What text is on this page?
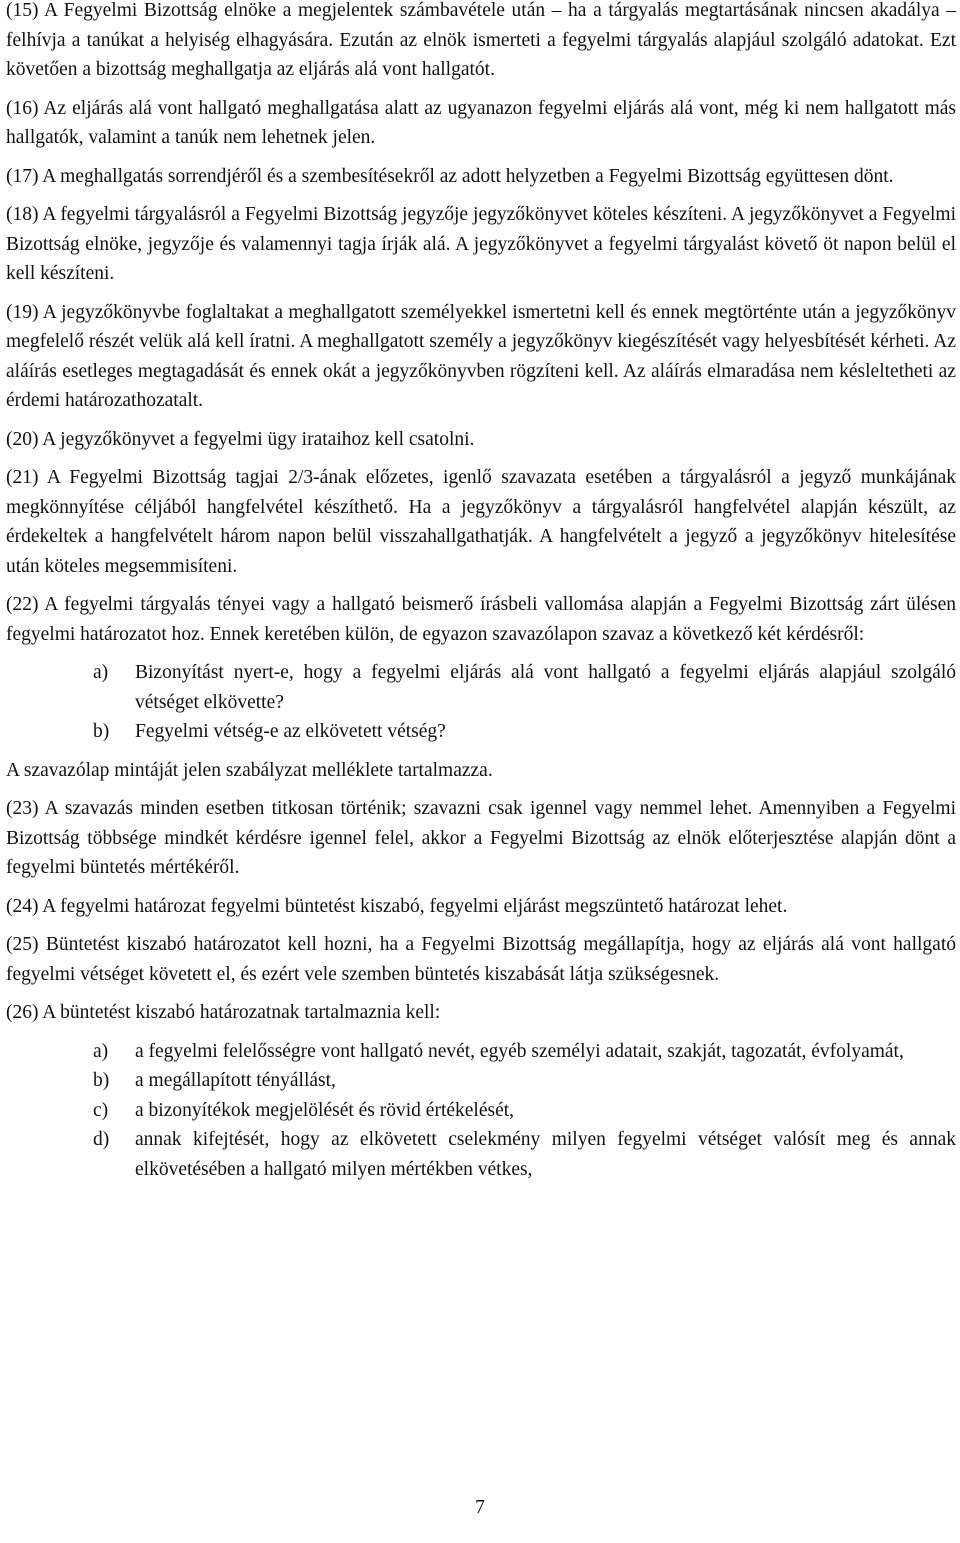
(15) A Fegyelmi Bizottság elnöke a megjelentek számbavétele után – ha a tárgyalás megtartásának nincsen akadálya – felhívja a tanúkat a helyiség elhagyására. Ezután az elnök ismerteti a fegyelmi tárgyalás alapjául szolgáló adatokat. Ezt követően a bizottság meghallgatja az eljárás alá vont hallgatót.

(16) Az eljárás alá vont hallgató meghallgatása alatt az ugyanazon fegyelmi eljárás alá vont, még ki nem hallgatott más hallgatók, valamint a tanúk nem lehetnek jelen.

(17) A meghallgatás sorrendjéről és a szembesítésekről az adott helyzetben a Fegyelmi Bizottság együttesen dönt.

(18) A fegyelmi tárgyalásról a Fegyelmi Bizottság jegyzője jegyzőkönyvet köteles készíteni. A jegyzőkönyvet a Fegyelmi Bizottság elnöke, jegyzője és valamennyi tagja írják alá. A jegyzőkönyvet a fegyelmi tárgyalást követő öt napon belül el kell készíteni.

(19) A jegyzőkönyvbe foglaltakat a meghallgatott személyekkel ismertetni kell és ennek megtörténte után a jegyzőkönyv megfelelő részét velük alá kell íratni. A meghallgatott személy a jegyzőkönyv kiegészítését vagy helyesbítését kérheti. Az aláírás esetleges megtagadását és ennek okát a jegyzőkönyvben rögzíteni kell. Az aláírás elmaradása nem késleltetheti az érdemi határozathozatalt.

(20) A jegyzőkönyvet a fegyelmi ügy irataihoz kell csatolni.

(21) A Fegyelmi Bizottság tagjai 2/3-ának előzetes, igenlő szavazata esetében a tárgyalásról a jegyző munkájának megkönnyítése céljából hangfelvétel készíthető. Ha a jegyzőkönyv a tárgyalásról hangfelvétel alapján készült, az érdekeltek a hangfelvételt három napon belül visszahallgathatják. A hangfelvételt a jegyző a jegyzőkönyv hitelesítése után köteles megsemmisíteni.

(22) A fegyelmi tárgyalás tényei vagy a hallgató beismerő írásbeli vallomása alapján a Fegyelmi Bizottság zárt ülésen fegyelmi határozatot hoz. Ennek keretében külön, de egyazon szavazólapon szavaz a következő két kérdésről:

a)	Bizonyítást nyert-e, hogy a fegyelmi eljárás alá vont hallgató a fegyelmi eljárás alapjául szolgáló vétséget elkövette?
b)	Fegyelmi vétség-e az elkövetett vétség?

A szavazólap mintáját jelen szabályzat melléklete tartalmazza.

(23) A szavazás minden esetben titkosan történik; szavazni csak igennel vagy nemmel lehet. Amennyiben a Fegyelmi Bizottság többsége mindkét kérdésre igennel felel, akkor a Fegyelmi Bizottság az elnök előterjesztése alapján dönt a fegyelmi büntetés mértékéről.

(24) A fegyelmi határozat fegyelmi büntetést kiszabó, fegyelmi eljárást megszüntető határozat lehet.

(25) Büntetést kiszabó határozatot kell hozni, ha a Fegyelmi Bizottság megállapítja, hogy az eljárás alá vont hallgató fegyelmi vétséget követett el, és ezért vele szemben büntetés kiszabását látja szükségesnek.

(26) A büntetést kiszabó határozatnak tartalmaznia kell:

a)	a fegyelmi felelősségre vont hallgató nevét, egyéb személyi adatait, szakját, tagozatát, évfolyamát,
b)	a megállapított tényállást,
c)	a bizonyítékok megjelölését és rövid értékelését,
d)	annak kifejtését, hogy az elkövetett cselekmény milyen fegyelmi vétséget valósít meg és annak elkövetésében a hallgató milyen mértékben vétkes,
7
